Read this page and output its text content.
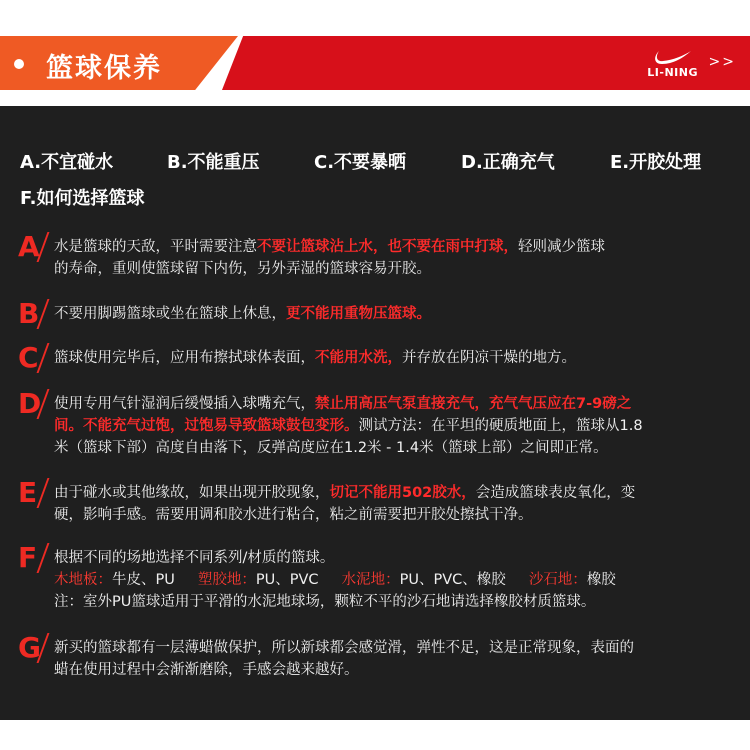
篮球保养	LI-NING
>>
A.不宜碰水	B.不能重压	C.不要暴晒	D.正确充气	E.开胶处理
F.如何选择篮球
A 水是篮球的天敌，平时需要注意不要让篮球沾上水，也不要在雨中打球，轻则减少篮球
的寿命，重则使篮球留下内伤，另外弄湿的篮球容易开胶。
B	不要用脚踢篮球或坐在篮球上休息，更不能用重物压篮球。
C	篮球使用完毕后，应用布擦拭球体表面，不能用水洗，并存放在阴凉干燥的地方。
D 使用专用气针湿润后缓慢插入球嘴充气，禁止用高压气泵直接充气，充气气压应在7-9磅之
间。不能充气过饱，过饱易导致篮球鼓包变形。测试方法：在平坦的硬质地面上，篮球从1.8
米（篮球下部）高度自由落下，反弹高度应在1.2米 - 1.4米（篮球上部）之间即正常。
E	由于碰水或其他缘故，如果出现开胶现象，切记不能用502胶水，会造成篮球表皮氧化，变
硬，影响手感。需要用调和胶水进行粘合，粘之前需要把开胶处擦拭干净。
F	根据不同的场地选择不同系列/材质的篮球。
木地板：牛皮、PU 塑胶地：PU、PVC 水泥地：PU、PVC、橡胶 沙石地：橡胶
注：室外PU篮球适用于平滑的水泥地球场，颗粒不平的沙石地请选择橡胶材质篮球。
G 新买的篮球都有一层薄蜡做保护，所以新球都会感觉滑，弹性不足，这是正常现象，表面的
蜡在使用过程中会渐渐磨除，手感会越来越好。
